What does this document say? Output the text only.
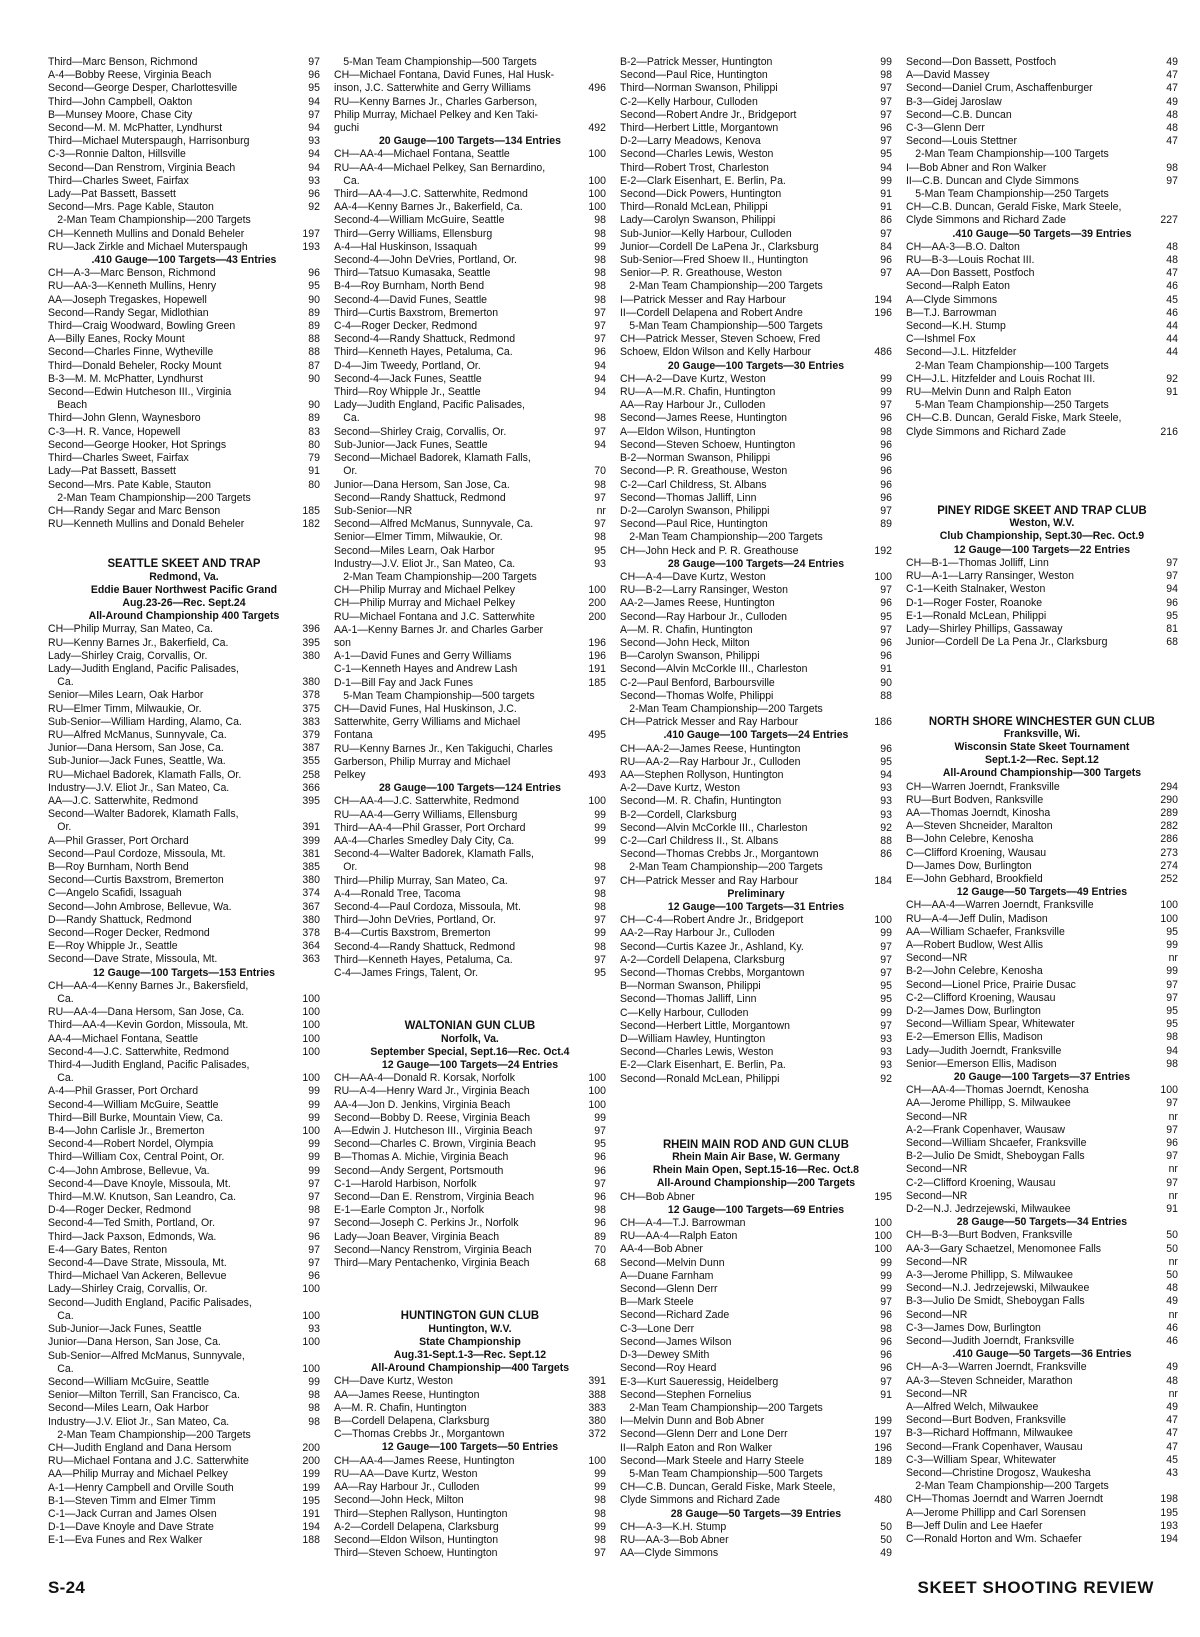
Third—Marc Benson, Richmond	97
A-4—Bobby Reese, Virginia Beach	96
Second—George Desper, Charlottesville	95
Third—John Campbell, Oakton	94
B—Munsey Moore, Chase City	97
Second—M. M. McPhatter, Lyndhurst	94
Third—Michael Muterspaugh, Harrisonburg	93
C-3—Ronnie Dalton, Hillsville	94
Second—Dan Renstrom, Virginia Beach	94
Third—Charles Sweet, Fairfax	93
Lady—Pat Bassett, Bassett	96
Second—Mrs. Page Kable, Stauton	92
2-Man Team Championship—200 Targets
CH—Kenneth Mullins and Donald Beheler	197
RU—Jack Zirkle and Michael Muterspaugh	193
.410 Gauge—100 Targets—43 Entries
CH—A-3—Marc Benson, Richmond	96
RU—AA-3—Kenneth Mullins, Henry	95
AA—Joseph Tregaskes, Hopewell	90
Second—Randy Segar, Midlothian	89
Third—Craig Woodward, Bowling Green	89
A—Billy Eanes, Rocky Mount	88
Second—Charles Finne, Wytheville	88
Third—Donald Beheler, Rocky Mount	87
B-3—M. M. McPhatter, Lyndhurst	90
Second—Edwin Hutcheson III., Virginia
Beach	90
Third—John Glenn, Waynesboro	89
C-3—H. R. Vance, Hopewell	83
Second—George Hooker, Hot Springs	80
Third—Charles Sweet, Fairfax	79
Lady—Pat Bassett, Bassett	91
Second—Mrs. Pate Kable, Stauton	80
2-Man Team Championship—200 Targets
CH—Randy Segar and Marc Benson	185
RU—Kenneth Mullins and Donald Beheler	182
SEATTLE SKEET AND TRAP
Redmond, Va.
Eddie Bauer Northwest Pacific Grand
Aug.23-26—Rec. Sept.24
All-Around Championship 400 Targets
CH—Philip Murray, San Mateo, Ca.	396
RU—Kenny Barnes Jr., Bakerfield, Ca.	395
Lady—Shirley Craig, Corvallis, Or.	380
Lady—Judith England, Pacific Palisades,
Ca.	380
Senior—Miles Learn, Oak Harbor	378
RU—Elmer Timm, Milwaukie, Or.	375
Sub-Senior—William Harding, Alamo, Ca.	383
RU—Alfred McManus, Sunnyvale, Ca.	379
Junior—Dana Hersom, San Jose, Ca.	387
Sub-Junior—Jack Funes, Seattle, Wa.	355
RU—Michael Badorek, Klamath Falls, Or.	258
Industry—J.V. Eliot Jr., San Mateo, Ca.	366
AA—J.C. Satterwhite, Redmond	395
Second—Walter Badorek, Klamath Falls,
Or.	391
A—Phil Grasser, Port Orchard	399
Second—Paul Cordoze, Missoula, Mt.	381
B—Roy Burnham, North Bend	385
Second—Curtis Baxstrom, Bremerton	380
C—Angelo Scafidi, Issaguah	374
Second—John Ambrose, Bellevue, Wa.	367
D—Randy Shattuck, Redmond	380
Second—Roger Decker, Redmond	378
E—Roy Whipple Jr., Seattle	364
Second—Dave Strate, Missoula, Mt.	363
12 Gauge—100 Targets—153 Entries
CH—AA-4—Kenny Barnes Jr., Bakersfield,
Ca.	100
RU—AA-4—Dana Hersom, San Jose, Ca.	100
Third—AA-4—Kevin Gordon, Missoula, Mt.	100
AA-4—Michael Fontana, Seattle	100
Second-4—J.C. Satterwhite, Redmond	100
Third-4—Judith England, Pacific Palisades,
Ca.	100
A-4—Phil Grasser, Port Orchard	99
Second-4—William McGuire, Seattle	99
Third—Bill Burke, Mountain View, Ca.	99
B-4—John Carlisle Jr., Bremerton	100
Second-4—Robert Nordel, Olympia	99
Third—William Cox, Central Point, Or.	99
C-4—John Ambrose, Bellevue, Va.	99
Second-4—Dave Knoyle, Missoula, Mt.	97
Third—M.W. Knutson, San Leandro, Ca.	97
D-4—Roger Decker, Redmond	98
Second-4—Ted Smith, Portland, Or.	97
Third—Jack Paxson, Edmonds, Wa.	96
E-4—Gary Bates, Renton	97
Second-4—Dave Strate, Missoula, Mt.	97
Third—Michael Van Ackeren, Bellevue	96
Lady—Shirley Craig, Corvallis, Or.	100
Second—Judith England, Pacific Palisades,
Ca.	100
Sub-Junior—Jack Funes, Seattle	93
Junior—Dana Herson, San Jose, Ca.	100
Sub-Senior—Alfred McManus, Sunnyvale,
Ca.	100
Second—William McGuire, Seattle	99
Senior—Milton Terrill, San Francisco, Ca.	98
Second—Miles Learn, Oak Harbor	98
Industry—J.V. Eliot Jr., San Mateo, Ca.	98
2-Man Team Championship—200 Targets
CH—Judith England and Dana Hersom	200
RU—Michael Fontana and J.C. Satterwhite	200
AA—Philip Murray and Michael Pelkey	199
A-1—Henry Campbell and Orville South	199
B-1—Steven Timm and Elmer Timm	195
C-1—Jack Curran and James Olsen	191
D-1—Dave Knoyle and Dave Strate	194
E-1—Eva Funes and Rex Walker	188
5-Man Team Championship—500 Targets
CH—Michael Fontana, David Funes, Hal Husk-
inson, J.C. Satterwhite and Gerry Williams	496
RU—Kenny Barnes Jr., Charles Garberson,
Philip Murray, Michael Pelkey and Ken Taki-
guchi	492
20 Gauge—100 Targets—134 Entries
CH—AA-4—Michael Fontana, Seattle	100
RU—AA-4—Michael Pelkey, San Bernardino,
Ca.	100
Third—AA-4—J.C. Satterwhite, Redmond	100
AA-4—Kenny Barnes Jr., Bakerfield, Ca.	100
Second-4—William McGuire, Seattle	98
Third—Gerry Williams, Ellensburg	98
A-4—Hal Huskinson, Issaquah	99
Second-4—John DeVries, Portland, Or.	98
Third—Tatsuo Kumasaka, Seattle	98
B-4—Roy Burnham, North Bend	98
Second-4—David Funes, Seattle	98
Third—Curtis Baxstrom, Bremerton	97
C-4—Roger Decker, Redmond	97
Second-4—Randy Shattuck, Redmond	97
Third—Kenneth Hayes, Petaluma, Ca.	96
D-4—Jim Tweedy, Portland, Or.	94
Second-4—Jack Funes, Seattle	94
Third—Roy Whipple Jr., Seattle	94
Lady—Judith England, Pacific Palisades,
Ca.	98
Second—Shirley Craig, Corvallis, Or.	97
Sub-Junior—Jack Funes, Seattle	94
Second—Michael Badorek, Klamath Falls,
Or.	70
Junior—Dana Hersom, San Jose, Ca.	98
Second—Randy Shattuck, Redmond	97
Sub-Senior—NR	nr
Second—Alfred McManus, Sunnyvale, Ca.	97
Senior—Elmer Timm, Milwaukie, Or.	98
Second—Miles Learn, Oak Harbor	95
Industry—J.V. Eliot Jr., San Mateo, Ca.	93
2-Man Team Championship—200 Targets
CH—Philip Murray and Michael Pelkey	100
CH—Philip Murray and Michael Pelkey	200
RU—Michael Fontana and J.C. Satterwhite	200
AA-1—Kenny Barnes Jr. and Charles Garber
son	196
A-1—David Funes and Gerry Williams	196
C-1—Kenneth Hayes and Andrew Lash	191
D-1—Bill Fay and Jack Funes	185
5-Man Team Championship—500 targets
CH—David Funes, Hal Huskinson, J.C.
Satterwhite, Gerry Williams and Michael
Fontana	495
RU—Kenny Barnes Jr., Ken Takiguchi, Charles
Garberson, Philip Murray and Michael
Pelkey	493
28 Gauge—100 Targets—124 Entries
CH—AA-4—J.C. Satterwhite, Redmond	100
RU—AA-4—Gerry Williams, Ellensburg	99
Third—AA-4—Phil Grasser, Port Orchard	99
AA-4—Charles Smedley Daly City, Ca.	99
Second-4—Walter Badorek, Klamath Falls,
Or.	98
Third—Philip Murray, San Mateo, Ca.	97
A-4—Ronald Tree, Tacoma	98
Second-4—Paul Cordoza, Missoula, Mt.	98
Third—John DeVries, Portland, Or.	97
B-4—Curtis Baxstrom, Bremerton	99
Second-4—Randy Shattuck, Redmond	98
Third—Kenneth Hayes, Petaluma, Ca.	97
C-4—James Frings, Talent, Or.	95
WALTONIAN GUN CLUB
Norfolk, Va.
September Special, Sept.16—Rec. Oct.4
12 Gauge—100 Targets—24 Entries
CH—AA-4—Donald R. Korsak, Norfolk	100
RU—A-4—Henry Ward Jr., Virginia Beach	100
AA-4—Jon D. Jenkins, Virginia Beach	100
Second—Bobby D. Reese, Virginia Beach	99
A—Edwin J. Hutcheson III., Virginia Beach	97
Second—Charles C. Brown, Virginia Beach	95
B—Thomas A. Michie, Virginia Beach	96
Second—Andy Sergent, Portsmouth	96
C-1—Harold Harbison, Norfolk	97
Second—Dan E. Renstrom, Virginia Beach	96
E-1—Earle Compton Jr., Norfolk	98
Second—Joseph C. Perkins Jr., Norfolk	96
Lady—Joan Beaver, Virginia Beach	89
Second—Nancy Renstrom, Virginia Beach	70
Third—Mary Pentachenko, Virginia Beach	68
HUNTINGTON GUN CLUB
Huntington, W.V.
State Championship
Aug.31-Sept.1-3—Rec. Sept.12
All-Around Championship—400 Targets
CH—Dave Kurtz, Weston	391
AA—James Reese, Huntington	388
A—M. R. Chafin, Huntington	383
B—Cordell Delapena, Clarksburg	380
C—Thomas Crebbs Jr., Morgantown	372
12 Gauge—100 Targets—50 Entries
CH—AA-4—James Reese, Huntington	100
RU—AA—Dave Kurtz, Weston	99
AA—Ray Harbour Jr., Culloden	99
Second—John Heck, Milton	98
Third—Stephen Rallyson, Huntington	98
A-2—Cordell Delapena, Clarksburg	99
Second—Eldon Wilson, Huntington	98
Third—Steven Schoew, Huntington	97
B-2—Patrick Messer, Huntington	99
Second—Paul Rice, Huntington	98
Third—Norman Swanson, Philippi	97
C-2—Kelly Harbour, Culloden	97
Second—Robert Andre Jr., Bridgeport	97
Third—Herbert Little, Morgantown	96
D-2—Larry Meadows, Kenova	97
Second—Charles Lewis, Weston	95
Third—Robert Trost, Charleston	94
E-2—Clark Eisenhart, E. Berlin, Pa.	99
Second—Dick Powers, Huntington	91
Third—Ronald McLean, Philippi	91
Lady—Carolyn Swanson, Philippi	86
Sub-Junior—Kelly Harbour, Culloden	97
Junior—Cordell De LaPena Jr., Clarksburg	84
Sub-Senior—Fred Shoew II., Huntington	96
Senior—P. R. Greathouse, Weston	97
2-Man Team Championship—200 Targets
I—Patrick Messer and Ray Harbour	194
II—Cordell Delapena and Robert Andre	196
5-Man Team Championship—500 Targets
CH—Patrick Messer, Steven Schoew, Fred
Schoew, Eldon Wilson and Kelly Harbour	486
20 Gauge—100 Targets—30 Entries
CH—A-2—Dave Kurtz, Weston	99
RU—A—M.R. Chafin, Huntington	99
AA—Ray Harbour Jr., Culloden	97
Second—James Reese, Huntington	96
A—Eldon Wilson, Huntington	98
Second—Steven Schoew, Huntington	96
B-2—Norman Swanson, Philippi	96
Second—P. R. Greathouse, Weston	96
C-2—Carl Childress, St. Albans	96
Second—Thomas Jalliff, Linn	96
D-2—Carolyn Swanson, Philippi	97
Second—Paul Rice, Huntington	89
2-Man Team Championship—200 Targets
CH—John Heck and P. R. Greathouse	192
28 Gauge—100 Targets—24 Entries
CH—A-4—Dave Kurtz, Weston	100
RU—B-2—Larry Ransinger, Weston	97
AA-2—James Reese, Huntington	96
Second—Ray Harbour Jr., Culloden	95
A—M. R. Chafin, Huntington	97
Second—John Heck, Milton	96
B—Carolyn Swanson, Philippi	96
Second—Alvin McCorkle III., Charleston	91
C-2—Paul Benford, Barboursville	90
Second—Thomas Wolfe, Philippi	88
2-Man Team Championship—200 Targets
CH—Patrick Messer and Ray Harbour	186
.410 Gauge—100 Targets—24 Entries
CH—AA-2—James Reese, Huntington	96
RU—AA-2—Ray Harbour Jr., Culloden	95
AA—Stephen Rollyson, Huntington	94
A-2—Dave Kurtz, Weston	93
Second—M. R. Chafin, Huntington	93
B-2—Cordell, Clarksburg	93
Second—Alvin McCorkle III., Charleston	92
C-2—Carl Childress II., St. Albans	88
Second—Thomas Crebbs Jr., Morgantown	86
2-Man Team Championship—200 Targets
CH—Patrick Messer and Ray Harbour	184
Preliminary
12 Gauge—100 Targets—31 Entries
CH—C-4—Robert Andre Jr., Bridgeport	100
AA-2—Ray Harbour Jr., Culloden	99
Second—Curtis Kazee Jr., Ashland, Ky.	97
A-2—Cordell Delapena, Clarksburg	97
Second—Thomas Crebbs, Morgantown	97
B—Norman Swanson, Philippi	95
Second—Thomas Jalliff, Linn	95
C—Kelly Harbour, Culloden	99
Second—Herbert Little, Morgantown	97
D—William Hawley, Huntington	93
Second—Charles Lewis, Weston	93
E-2—Clark Eisenhart, E. Berlin, Pa.	93
Second—Ronald McLean, Philippi	92
RHEIN MAIN ROD AND GUN CLUB
Rhein Main Air Base, W. Germany
Rhein Main Open, Sept.15-16—Rec. Oct.8
All-Around Championship—200 Targets
CH—Bob Abner	195
12 Gauge—100 Targets—69 Entries
CH—A-4—T.J. Barrowman	100
RU—AA-4—Ralph Eaton	100
AA-4—Bob Abner	100
Second—Melvin Dunn	99
A—Duane Farnham	99
Second—Glenn Derr	99
B—Mark Steele	97
Second—Richard Zade	96
C-3—Lone Derr	98
Second—James Wilson	96
D-3—Dewey SMith	96
Second—Roy Heard	96
E-3—Kurt Saueressig, Heidelberg	97
Second—Stephen Fornelius	91
2-Man Team Championship—200 Targets
I—Melvin Dunn and Bob Abner	199
Second—Glenn Derr and Lone Derr	197
II—Ralph Eaton and Ron Walker	196
Second—Mark Steele and Harry Steele	189
5-Man Team Championship—500 Targets
CH—C.B. Duncan, Gerald Fiske, Mark Steele,
Clyde Simmons and Richard Zade	480
28 Gauge—50 Targets—39 Entries
CH—A-3—K.H. Stump	50
RU—AA-3—Bob Abner	50
AA—Clyde Simmons	49
Second—Don Bassett, Postfoch	49
A—David Massey	47
Second—Daniel Crum, Aschaffenburger	47
B-3—Gidej Jaroslaw	49
Second—C.B. Duncan	48
C-3—Glenn Derr	48
Second—Louis Stettner	47
2-Man Team Championship—100 Targets
I—Bob Abner and Ron Walker	98
II—C.B. Duncan and Clyde Simmons	97
5-Man Team Championship—250 Targets
CH—C.B. Duncan, Gerald Fiske, Mark Steele,
Clyde Simmons and Richard Zade	227
.410 Gauge—50 Targets—39 Entries
CH—AA-3—B.O. Dalton	48
RU—B-3—Louis Rochat III.	48
AA—Don Bassett, Postfoch	47
Second—Ralph Eaton	46
A—Clyde Simmons	45
B—T.J. Barrowman	46
Second—K.H. Stump	44
C—Ishmel Fox	44
Second—J.L. Hitzfelder	44
2-Man Team Championship—100 Targets
CH—J.L. Hitzfelder and Louis Rochat III.	92
RU—Melvin Dunn and Ralph Eaton	91
5-Man Team Championship—250 Targets
CH—C.B. Duncan, Gerald Fiske, Mark Steele,
Clyde Simmons and Richard Zade	216
PINEY RIDGE SKEET AND TRAP CLUB
Weston, W.V.
Club Championship, Sept.30—Rec. Oct.9
12 Gauge—100 Targets—22 Entries
CH—B-1—Thomas Jolliff, Linn	97
RU—A-1—Larry Ransinger, Weston	97
C-1—Keith Stalnaker, Weston	94
D-1—Roger Foster, Roanoke	96
E-1—Ronald McLean, Philippi	95
Lady—Shirley Phillips, Gassaway	81
Junior—Cordell De La Pena Jr., Clarksburg	68
NORTH SHORE WINCHESTER GUN CLUB
Franksville, Wi.
Wisconsin State Skeet Tournament
Sept.1-2—Rec. Sept.12
All-Around Championship—300 Targets
CH—Warren Joerndt, Franksville	294
RU—Burt Bodven, Ranksville	290
AA—Thomas Joerndt, Kinosha	289
A—Steven Shcneider, Maralton	282
B—John Celebre, Kenosha	286
C—Clifford Kroening, Wausau	273
D—James Dow, Burlington	274
E—John Gebhard, Brookfield	252
12 Gauge—50 Targets—49 Entries
CH—AA-4—Warren Joerndt, Franksville	100
RU—A-4—Jeff Dulin, Madison	100
AA—William Schaefer, Franksville	95
A—Robert Budlow, West Allis	99
Second—NR	nr
B-2—John Celebre, Kenosha	99
Second—Lionel Price, Prairie Dusac	97
C-2—Clifford Kroening, Wausau	97
D-2—James Dow, Burlington	95
Second—William Spear, Whitewater	95
E-2—Emerson Ellis, Madison	98
Lady—Judith Joerndt, Franksville	94
Senior—Emerson Ellis, Madison	98
20 Gauge—100 Targets—37 Entries
CH—AA-4—Thomas Joerndt, Kenosha	100
AA—Jerome Phillipp, S. Milwaukee	97
Second—NR	nr
A-2—Frank Copenhaver, Wausaw	97
Second—William Shcaefer, Franksville	96
B-2—Julio De Smidt, Sheboygan Falls	97
Second—NR	nr
C-2—Clifford Kroening, Wausau	97
Second—NR	nr
D-2—N.J. Jedrzejewski, Milwaukee	91
28 Gauge—50 Targets—34 Entries
CH—B-3—Burt Bodven, Franksville	50
AA-3—Gary Schaetzel, Menomonee Falls	50
Second—NR	nr
A-3—Jerome Phillipp, S. Milwaukee	50
Second—N.J. Jedrzejewski, Milwaukee	48
B-3—Julio De Smidt, Sheboygan Falls	49
Second—NR	nr
C-3—James Dow, Burlington	46
Second—Judith Joerndt, Franksville	46
.410 Gauge—50 Targets—36 Entries
CH—A-3—Warren Joerndt, Franksville	49
AA-3—Steven Schneider, Marathon	48
Second—NR	nr
A—Alfred Welch, Milwaukee	49
Second—Burt Bodven, Franksville	47
B-3—Richard Hoffmann, Milwaukee	47
Second—Frank Copenhaver, Wausau	47
C-3—William Spear, Whitewater	45
Second—Christine Drogosz, Waukesha	43
2-Man Team Championship—200 Targets
CH—Thomas Joerndt and Warren Joerndt	198
A—Jerome Phillipp and Carl Sorensen	195
B—Jeff Dulin and Lee Haefer	193
C—Ronald Horton and Wm. Schaefer	194
S-24	SKEET SHOOTING REVIEW
